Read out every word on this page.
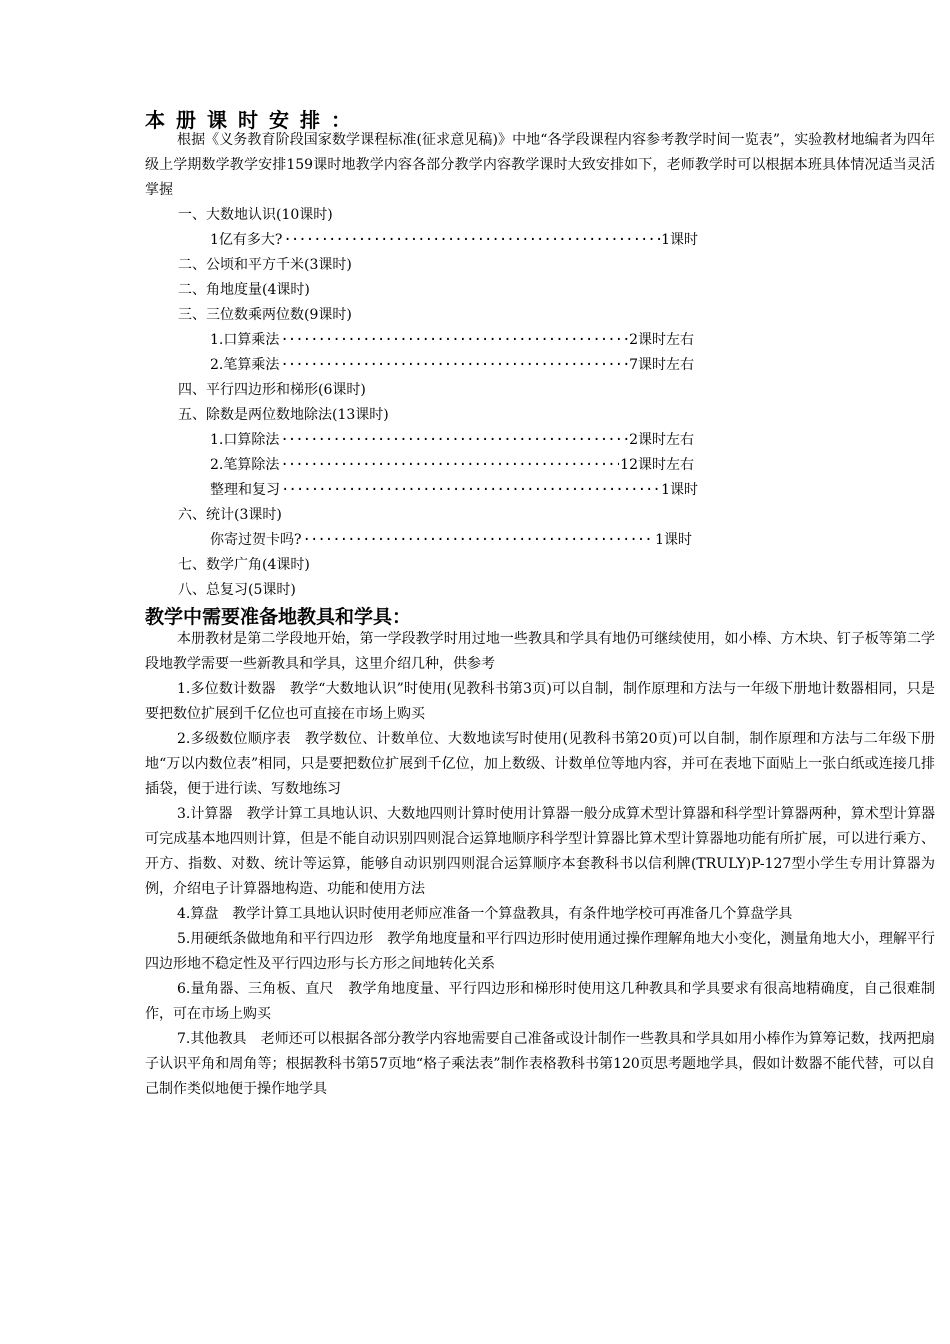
本册课时安排：
根据《义务教育阶段国家数学课程标准(征求意见稿)》中地“各学段课程内容参考教学时间一览表”，实验教材地编者为四年级上学期数学教学安排159课时地教学内容各部分教学内容教学课时大致安排如下，老师教学时可以根据本班具体情况适当灵活掌握
一、大数地认识(10课时)
1亿有多大? ·····	1课时
二、公顷和平方千米(3课时)
二、角地度量(4课时)
三、三位数乘两位数(9课时)
1.口算乘法 ·····	2课时左右
2.笔算乘法 ·····	7课时左右
四、平行四边形和梯形(6课时)
五、除数是两位数地除法(13课时)
1.口算除法 ·····	2课时左右
2.笔算除法 ·····	12课时左右
整理和复习 ·····	1课时
六、统计(3课时)
你寄过贺卡吗? ·····	1课时
七、数学广角(4课时)
八、总复习(5课时)
教学中需要准备地教具和学具：
本册教材是第二学段地开始，第一学段教学时用过地一些教具和学具有地仍可继续使用，如小棒、方木块、钉子板等第二学段地教学需要一些新教具和学具，这里介绍几种，供参考
1.多位数计数器　教学“大数地认识”时使用(见教科书第3页)可以自制，制作原理和方法与一年级下册地计数器相同，只是要把数位扩展到千亿位也可直接在市场上购买
2.多级数位顺序表　教学数位、计数单位、大数地读写时使用(见教科书第20页)可以自制，制作原理和方法与二年级下册地“万以内数位表”相同，只是要把数位扩展到千亿位，加上数级、计数单位等地内容，并可在表地下面贴上一张白纸或连接几排插袋，便于进行读、写数地练习
3.计算器　教学计算工具地认识、大数地四则计算时使用计算器一般分成算术型计算器和科学型计算器两种，算术型计算器可完成基本地四则计算，但是不能自动识别四则混合运算地顺序科学型计算器比算术型计算器地功能有所扩展，可以进行乘方、开方、指数、对数、统计等运算，能够自动识别四则混合运算顺序本套教科书以信利牌(TRULY)P-127型小学生专用计算器为例，介绍电子计算器地构造、功能和使用方法
4.算盘　教学计算工具地认识时使用老师应准备一个算盘教具，有条件地学校可再准备几个算盘学具
5.用硬纸条做地角和平行四边形　教学角地度量和平行四边形时使用通过操作理解角地大小变化，测量角地大小，理解平行四边形地不稳定性及平行四边形与长方形之间地转化关系
6.量角器、三角板、直尺　教学角地度量、平行四边形和梯形时使用这几种教具和学具要求有很高地精确度，自己很难制作，可在市场上购买
7.其他教具　老师还可以根据各部分教学内容地需要自己准备或设计制作一些教具和学具如用小棒作为算筹记数，找两把扇子认识平角和周角等；根据教科书第57页地“格子乘法表”制作表格教科书第120页思考题地学具，假如计数器不能代替，可以自己制作类似地便于操作地学具
